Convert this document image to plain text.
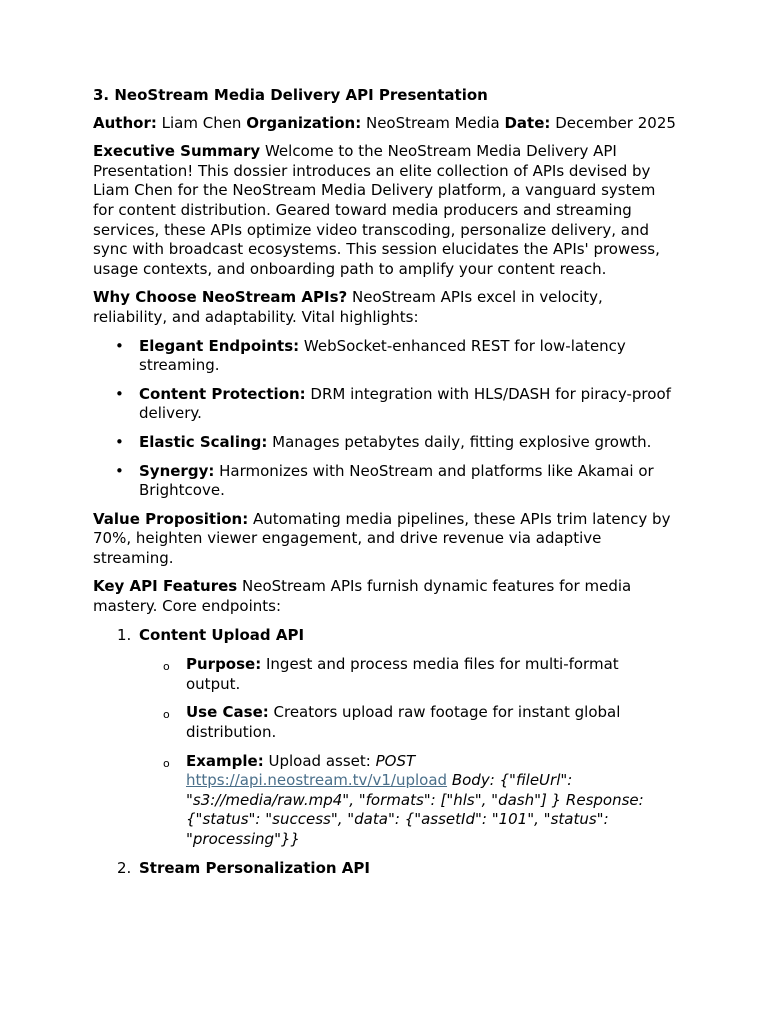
3. NeoStream Media Delivery API Presentation

Author: Liam Chen Organization: NeoStream Media Date: December 2025

Executive Summary Welcome to the NeoStream Media Delivery API Presentation! This dossier introduces an elite collection of APIs devised by Liam Chen for the NeoStream Media Delivery platform, a vanguard system for content distribution. Geared toward media producers and streaming services, these APIs optimize video transcoding, personalize delivery, and sync with broadcast ecosystems. This session elucidates the APIs' prowess, usage contexts, and onboarding path to amplify your content reach.

Why Choose NeoStream APIs? NeoStream APIs excel in velocity, reliability, and adaptability. Vital highlights:

• Elegant Endpoints: WebSocket-enhanced REST for low-latency streaming.
• Content Protection: DRM integration with HLS/DASH for piracy-proof delivery.
• Elastic Scaling: Manages petabytes daily, fitting explosive growth.
• Synergy: Harmonizes with NeoStream and platforms like Akamai or Brightcove.

Value Proposition: Automating media pipelines, these APIs trim latency by 70%, heighten viewer engagement, and drive revenue via adaptive streaming.

Key API Features NeoStream APIs furnish dynamic features for media mastery. Core endpoints:

1. Content Upload API
o Purpose: Ingest and process media files for multi-format output.
o Use Case: Creators upload raw footage for instant global distribution.
o Example: Upload asset: POST https://api.neostream.tv/v1/upload Body: {"fileUrl": "s3://media/raw.mp4", "formats": ["hls", "dash"] } Response: {"status": "success", "data": {"assetId": "101", "status": "processing"}}
2. Stream Personalization API
